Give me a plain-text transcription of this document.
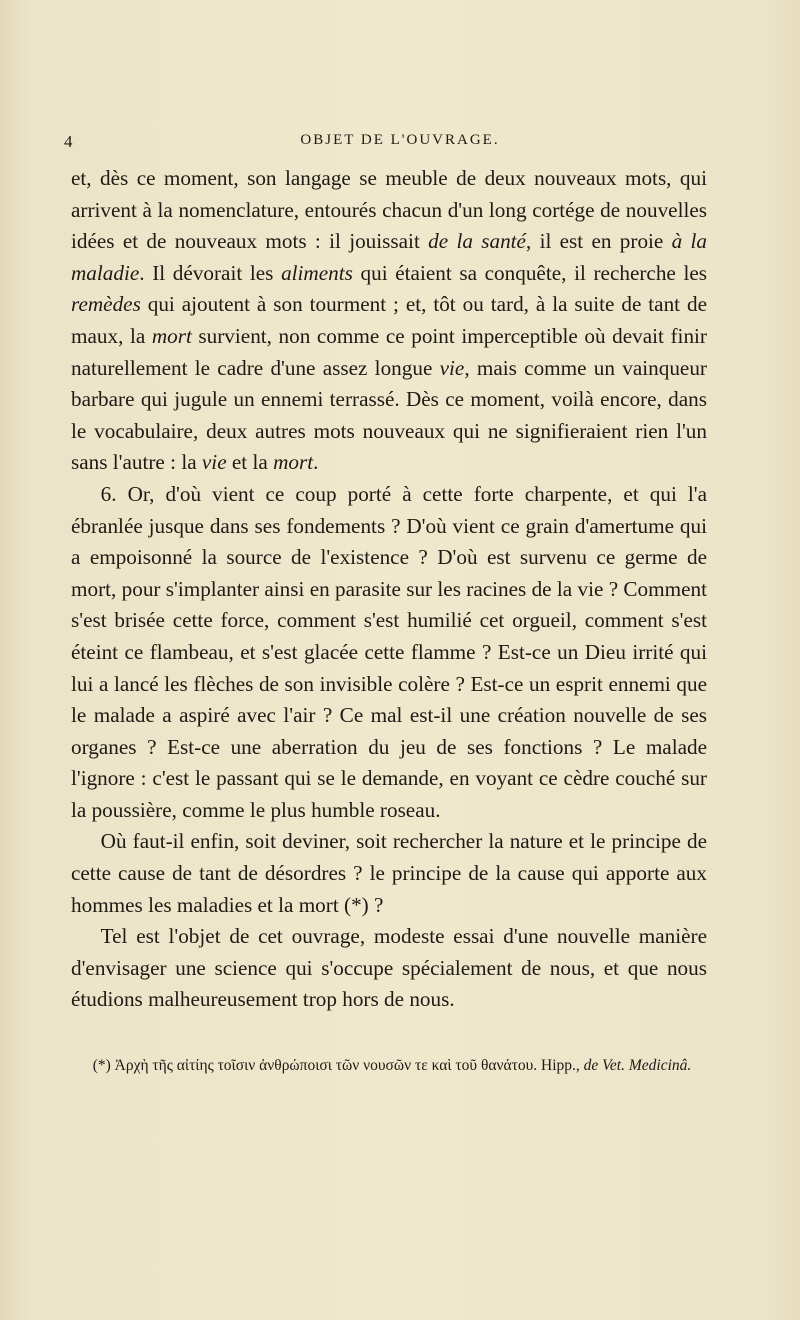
4	OBJET DE L'OUVRAGE.

et, dès ce moment, son langage se meuble de deux nouveaux mots, qui arrivent à la nomenclature, entourés chacun d'un long cortége de nouvelles idées et de nouveaux mots : il jouissait de la santé, il est en proie à la maladie. Il dévorait les aliments qui étaient sa conquête, il recherche les remèdes qui ajoutent à son tourment ; et, tôt ou tard, à la suite de tant de maux, la mort survient, non comme ce point imperceptible où devait finir naturellement le cadre d'une assez longue vie, mais comme un vainqueur barbare qui jugule un ennemi terrassé. Dès ce moment, voilà encore, dans le vocabulaire, deux autres mots nouveaux qui ne signifieraient rien l'un sans l'autre : la vie et la mort.

6. Or, d'où vient ce coup porté à cette forte charpente, et qui l'a ébranlée jusque dans ses fondements ? D'où vient ce grain d'amertume qui a empoisonné la source de l'existence ? D'où est survenu ce germe de mort, pour s'implanter ainsi en parasite sur les racines de la vie ? Comment s'est brisée cette force, comment s'est humilié cet orgueil, comment s'est éteint ce flambeau, et s'est glacée cette flamme ? Est-ce un Dieu irrité qui lui a lancé les flèches de son invisible colère ? Est-ce un esprit ennemi que le malade a aspiré avec l'air ? Ce mal est-il une création nouvelle de ses organes ? Est-ce une aberration du jeu de ses fonctions ? Le malade l'ignore : c'est le passant qui se le demande, en voyant ce cèdre couché sur la poussière, comme le plus humble roseau.

Où faut-il enfin, soit deviner, soit rechercher la nature et le principe de cette cause de tant de désordres ? le principe de la cause qui apporte aux hommes les maladies et la mort (*) ?

Tel est l'objet de cet ouvrage, modeste essai d'une nouvelle manière d'envisager une science qui s'occupe spécialement de nous, et que nous étudions malheureusement trop hors de nous.

(*) Ἀρχὴ τῆς αἰτίης τοῖσιν ἀνθρώποισι τῶν νουσῶν τε καὶ τοῦ θανάτου. Hipp., de Vet. Medicinâ.
